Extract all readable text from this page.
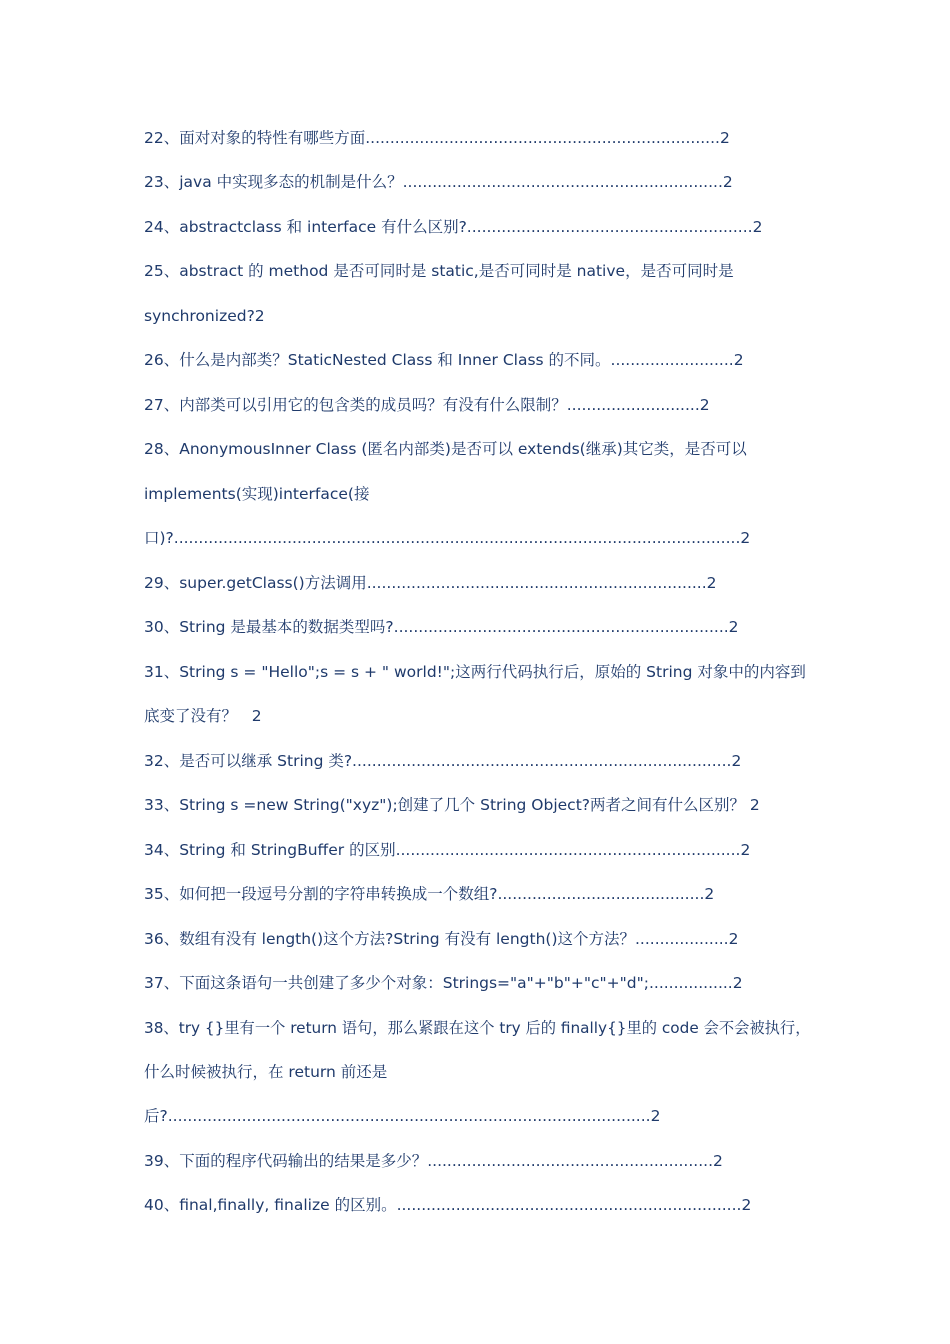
22、面对对象的特性有哪些方面........................................................................2
23、java 中实现多态的机制是什么？.................................................................2
24、abstractclass 和 interface 有什么区别?..........................................................2
25、abstract 的 method 是否可同时是 static,是否可同时是 native，是否可同时是
synchronized?2
26、什么是内部类？StaticNested Class 和 Inner Class 的不同。.........................2
27、内部类可以引用它的包含类的成员吗？有没有什么限制？...........................2
28、AnonymousInner Class (匿名内部类)是否可以 extends(继承)其它类，是否可以
implements(实现)interface(接
口)?...................................................................................................................2
29、super.getClass()方法调用.....................................................................2
30、String 是最基本的数据类型吗?....................................................................2
31、String s = "Hello";s = s + " world!";这两行代码执行后，原始的 String 对象中的内容到
底变了没有？   2
32、是否可以继承 String 类?.............................................................................2
33、String s =new String("xyz");创建了几个 String Object?两者之间有什么区别？ 2
34、String 和 StringBuffer 的区别......................................................................2
35、如何把一段逗号分割的字符串转换成一个数组?..........................................2
36、数组有没有 length()这个方法?String 有没有 length()这个方法？...................2
37、下面这条语句一共创建了多少个对象：Strings="a"+"b"+"c"+"d";.................2
38、try {}里有一个 return 语句，那么紧跟在这个 try 后的 finally{}里的 code 会不会被执行，
什么时候被执行，在 return 前还是
后?..................................................................................................2
39、下面的程序代码输出的结果是多少？..........................................................2
40、final,finally, finalize 的区别。......................................................................2
